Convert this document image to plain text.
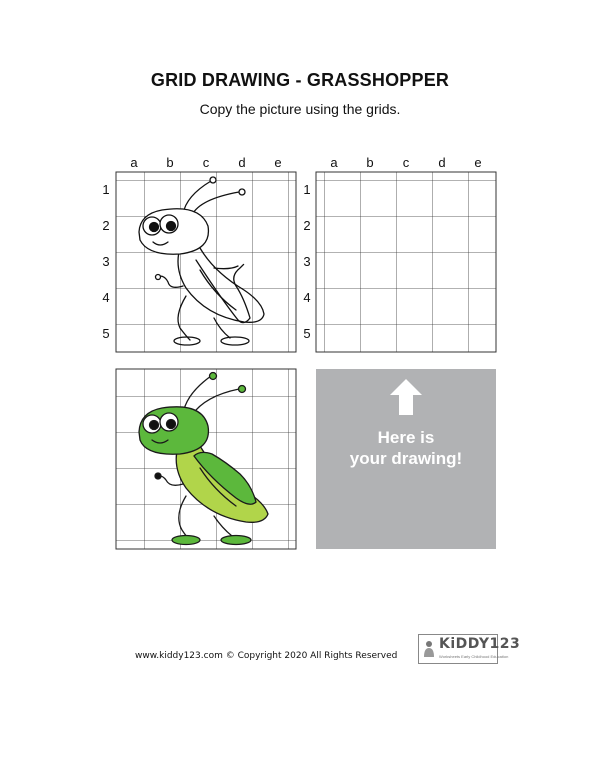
GRID DRAWING - GRASSHOPPER
Copy the picture using the grids.
a b c d e	a b c d e
1
2
3
4
5
1
2
3
4
5
Here is
your drawing!
www.kiddy123.com © Copyright 2020 All Rights Reserved
KiDDY123
Worksheets Early Childhood Education
